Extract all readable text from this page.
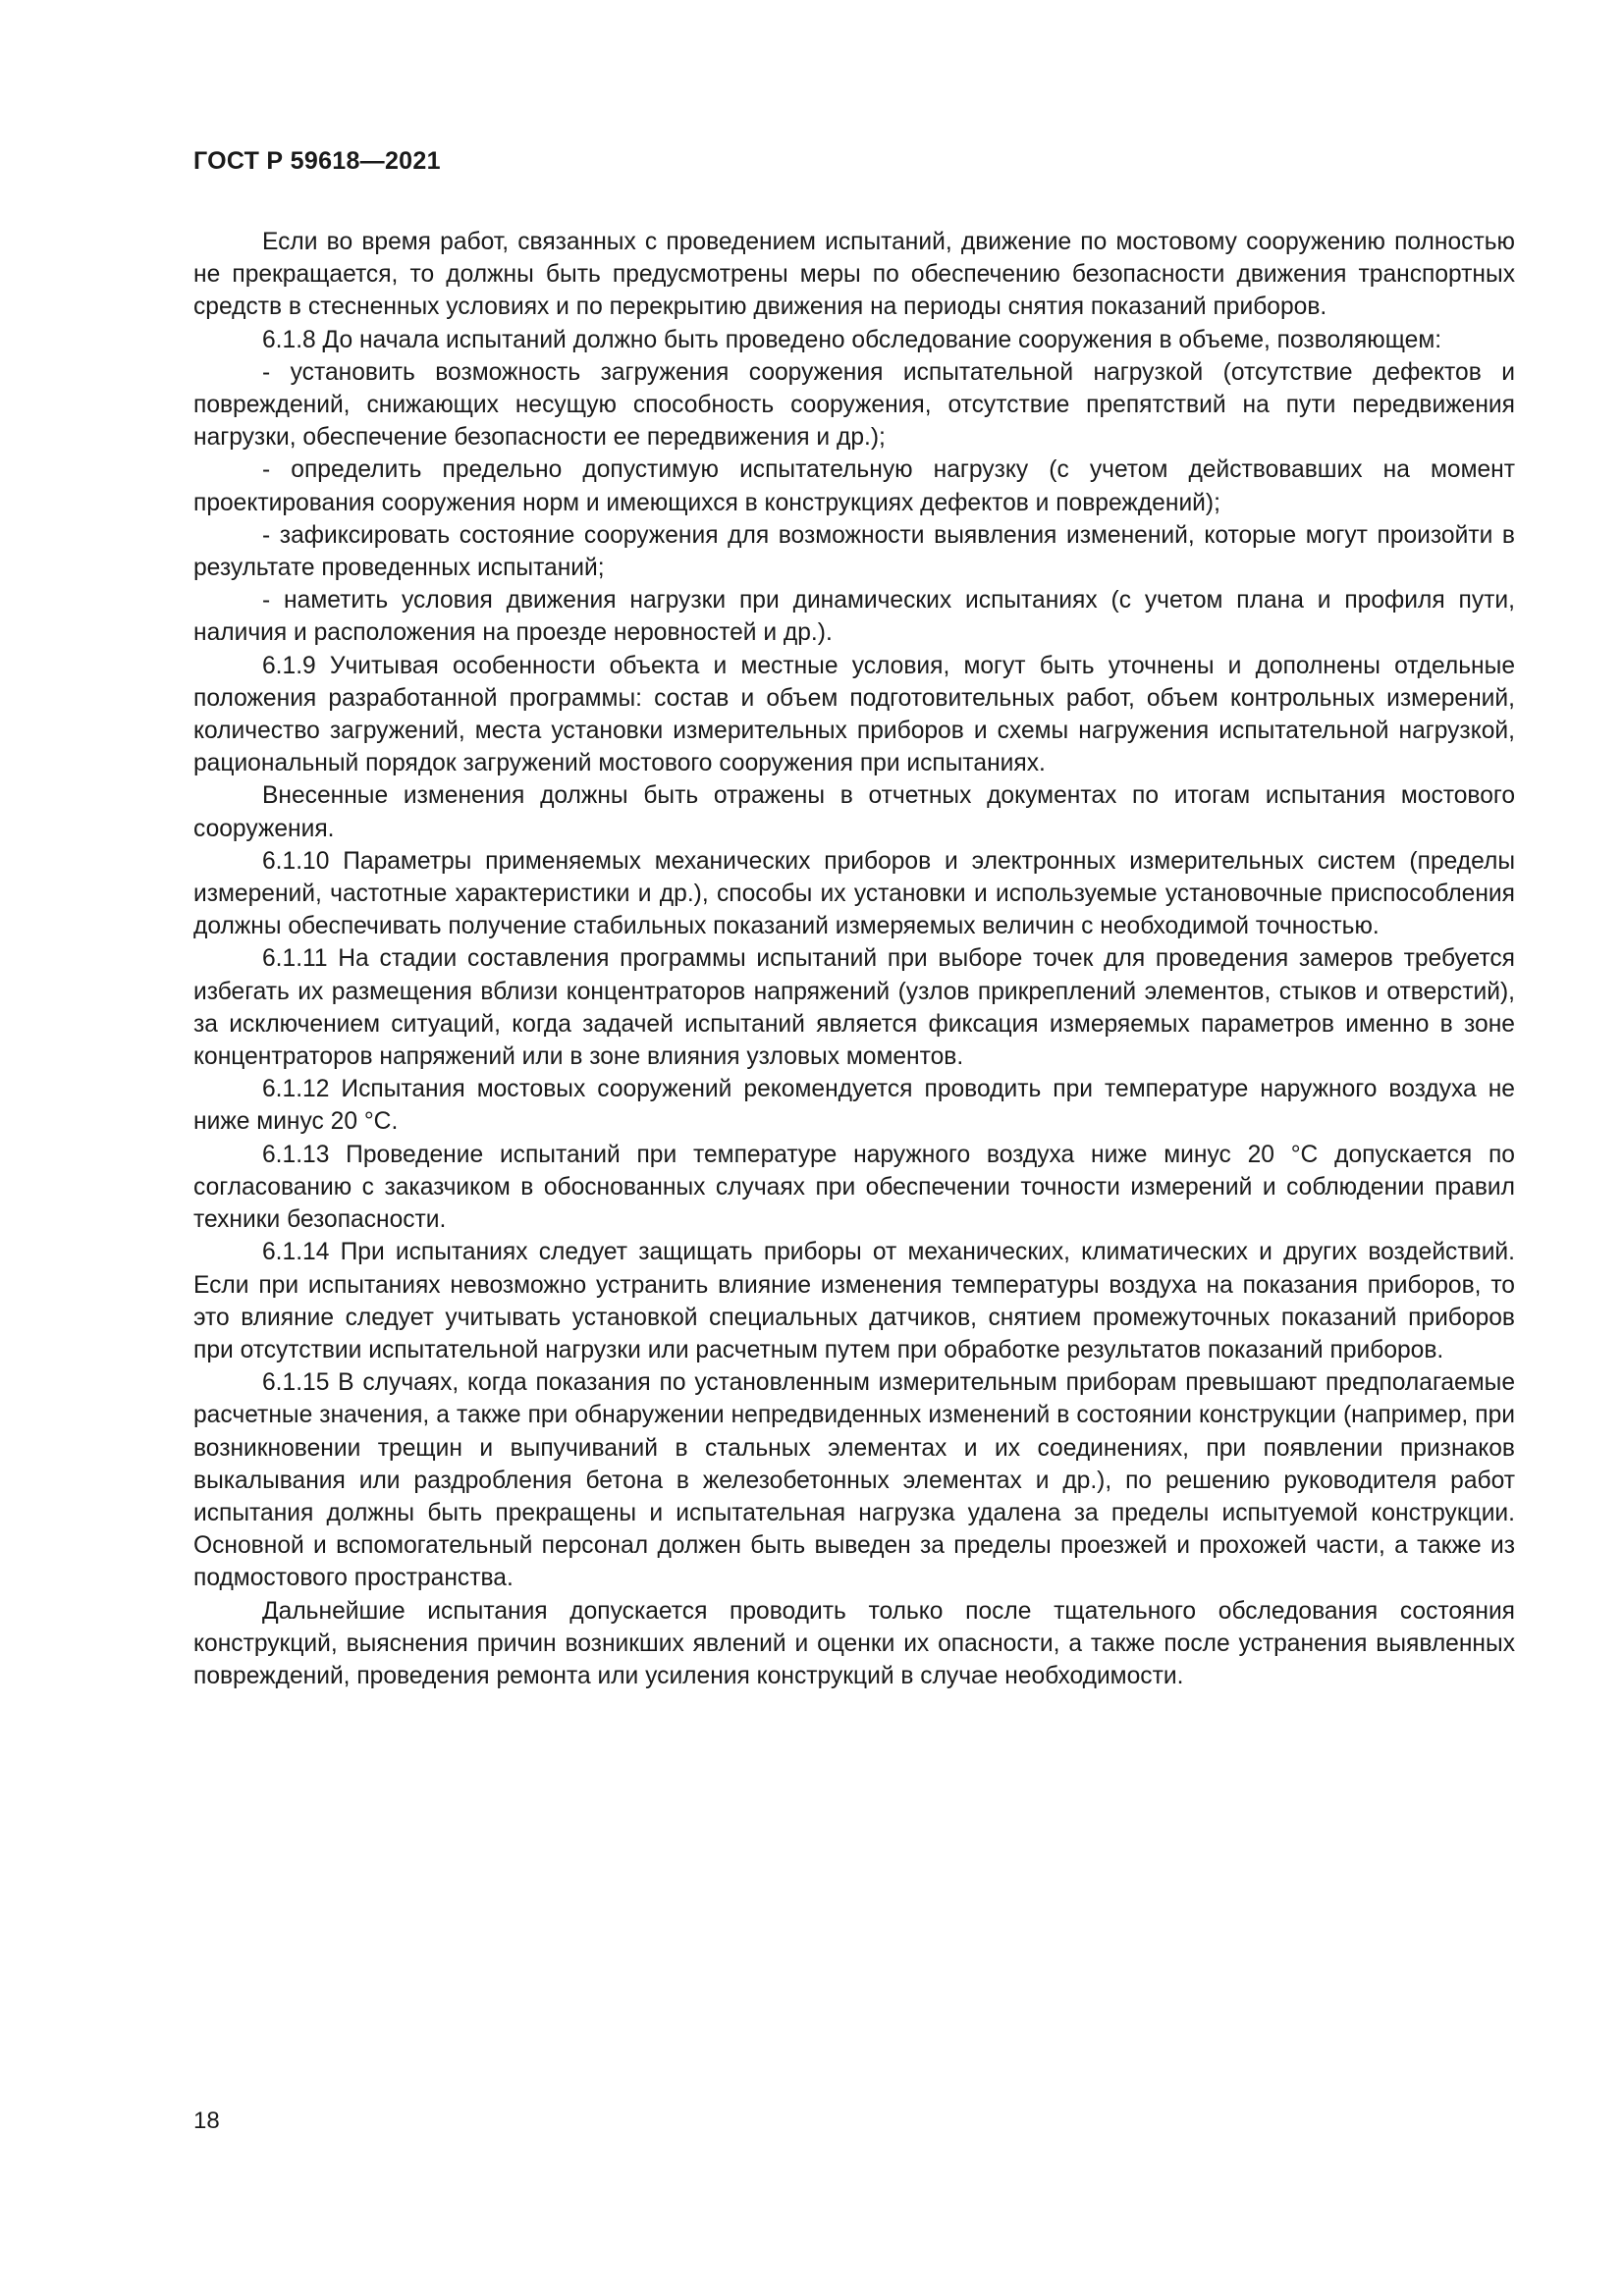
ГОСТ Р 59618—2021

Если во время работ, связанных с проведением испытаний, движение по мостовому сооружению полностью не прекращается, то должны быть предусмотрены меры по обеспечению безопасности движения транспортных средств в стесненных условиях и по перекрытию движения на периоды снятия показаний приборов.

6.1.8 До начала испытаний должно быть проведено обследование сооружения в объеме, позволяющем:

- установить возможность загружения сооружения испытательной нагрузкой (отсутствие дефектов и повреждений, снижающих несущую способность сооружения, отсутствие препятствий на пути передвижения нагрузки, обеспечение безопасности ее передвижения и др.);

- определить предельно допустимую испытательную нагрузку (с учетом действовавших на момент проектирования сооружения норм и имеющихся в конструкциях дефектов и повреждений);

- зафиксировать состояние сооружения для возможности выявления изменений, которые могут произойти в результате проведенных испытаний;

- наметить условия движения нагрузки при динамических испытаниях (с учетом плана и профиля пути, наличия и расположения на проезде неровностей и др.).

6.1.9 Учитывая особенности объекта и местные условия, могут быть уточнены и дополнены отдельные положения разработанной программы: состав и объем подготовительных работ, объем контрольных измерений, количество загружений, места установки измерительных приборов и схемы нагружения испытательной нагрузкой, рациональный порядок загружений мостового сооружения при испытаниях.

Внесенные изменения должны быть отражены в отчетных документах по итогам испытания мостового сооружения.

6.1.10 Параметры применяемых механических приборов и электронных измерительных систем (пределы измерений, частотные характеристики и др.), способы их установки и используемые установочные приспособления должны обеспечивать получение стабильных показаний измеряемых величин с необходимой точностью.

6.1.11 На стадии составления программы испытаний при выборе точек для проведения замеров требуется избегать их размещения вблизи концентраторов напряжений (узлов прикреплений элементов, стыков и отверстий), за исключением ситуаций, когда задачей испытаний является фиксация измеряемых параметров именно в зоне концентраторов напряжений или в зоне влияния узловых моментов.

6.1.12 Испытания мостовых сооружений рекомендуется проводить при температуре наружного воздуха не ниже минус 20 °С.

6.1.13 Проведение испытаний при температуре наружного воздуха ниже минус 20 °С допускается по согласованию с заказчиком в обоснованных случаях при обеспечении точности измерений и соблюдении правил техники безопасности.

6.1.14 При испытаниях следует защищать приборы от механических, климатических и других воздействий. Если при испытаниях невозможно устранить влияние изменения температуры воздуха на показания приборов, то это влияние следует учитывать установкой специальных датчиков, снятием промежуточных показаний приборов при отсутствии испытательной нагрузки или расчетным путем при обработке результатов показаний приборов.

6.1.15 В случаях, когда показания по установленным измерительным приборам превышают предполагаемые расчетные значения, а также при обнаружении непредвиденных изменений в состоянии конструкции (например, при возникновении трещин и выпучиваний в стальных элементах и их соединениях, при появлении признаков выкалывания или раздробления бетона в железобетонных элементах и др.), по решению руководителя работ испытания должны быть прекращены и испытательная нагрузка удалена за пределы испытуемой конструкции. Основной и вспомогательный персонал должен быть выведен за пределы проезжей и прохожей части, а также из подмостового пространства.

Дальнейшие испытания допускается проводить только после тщательного обследования состояния конструкций, выяснения причин возникших явлений и оценки их опасности, а также после устранения выявленных повреждений, проведения ремонта или усиления конструкций в случае необходимости.

18
